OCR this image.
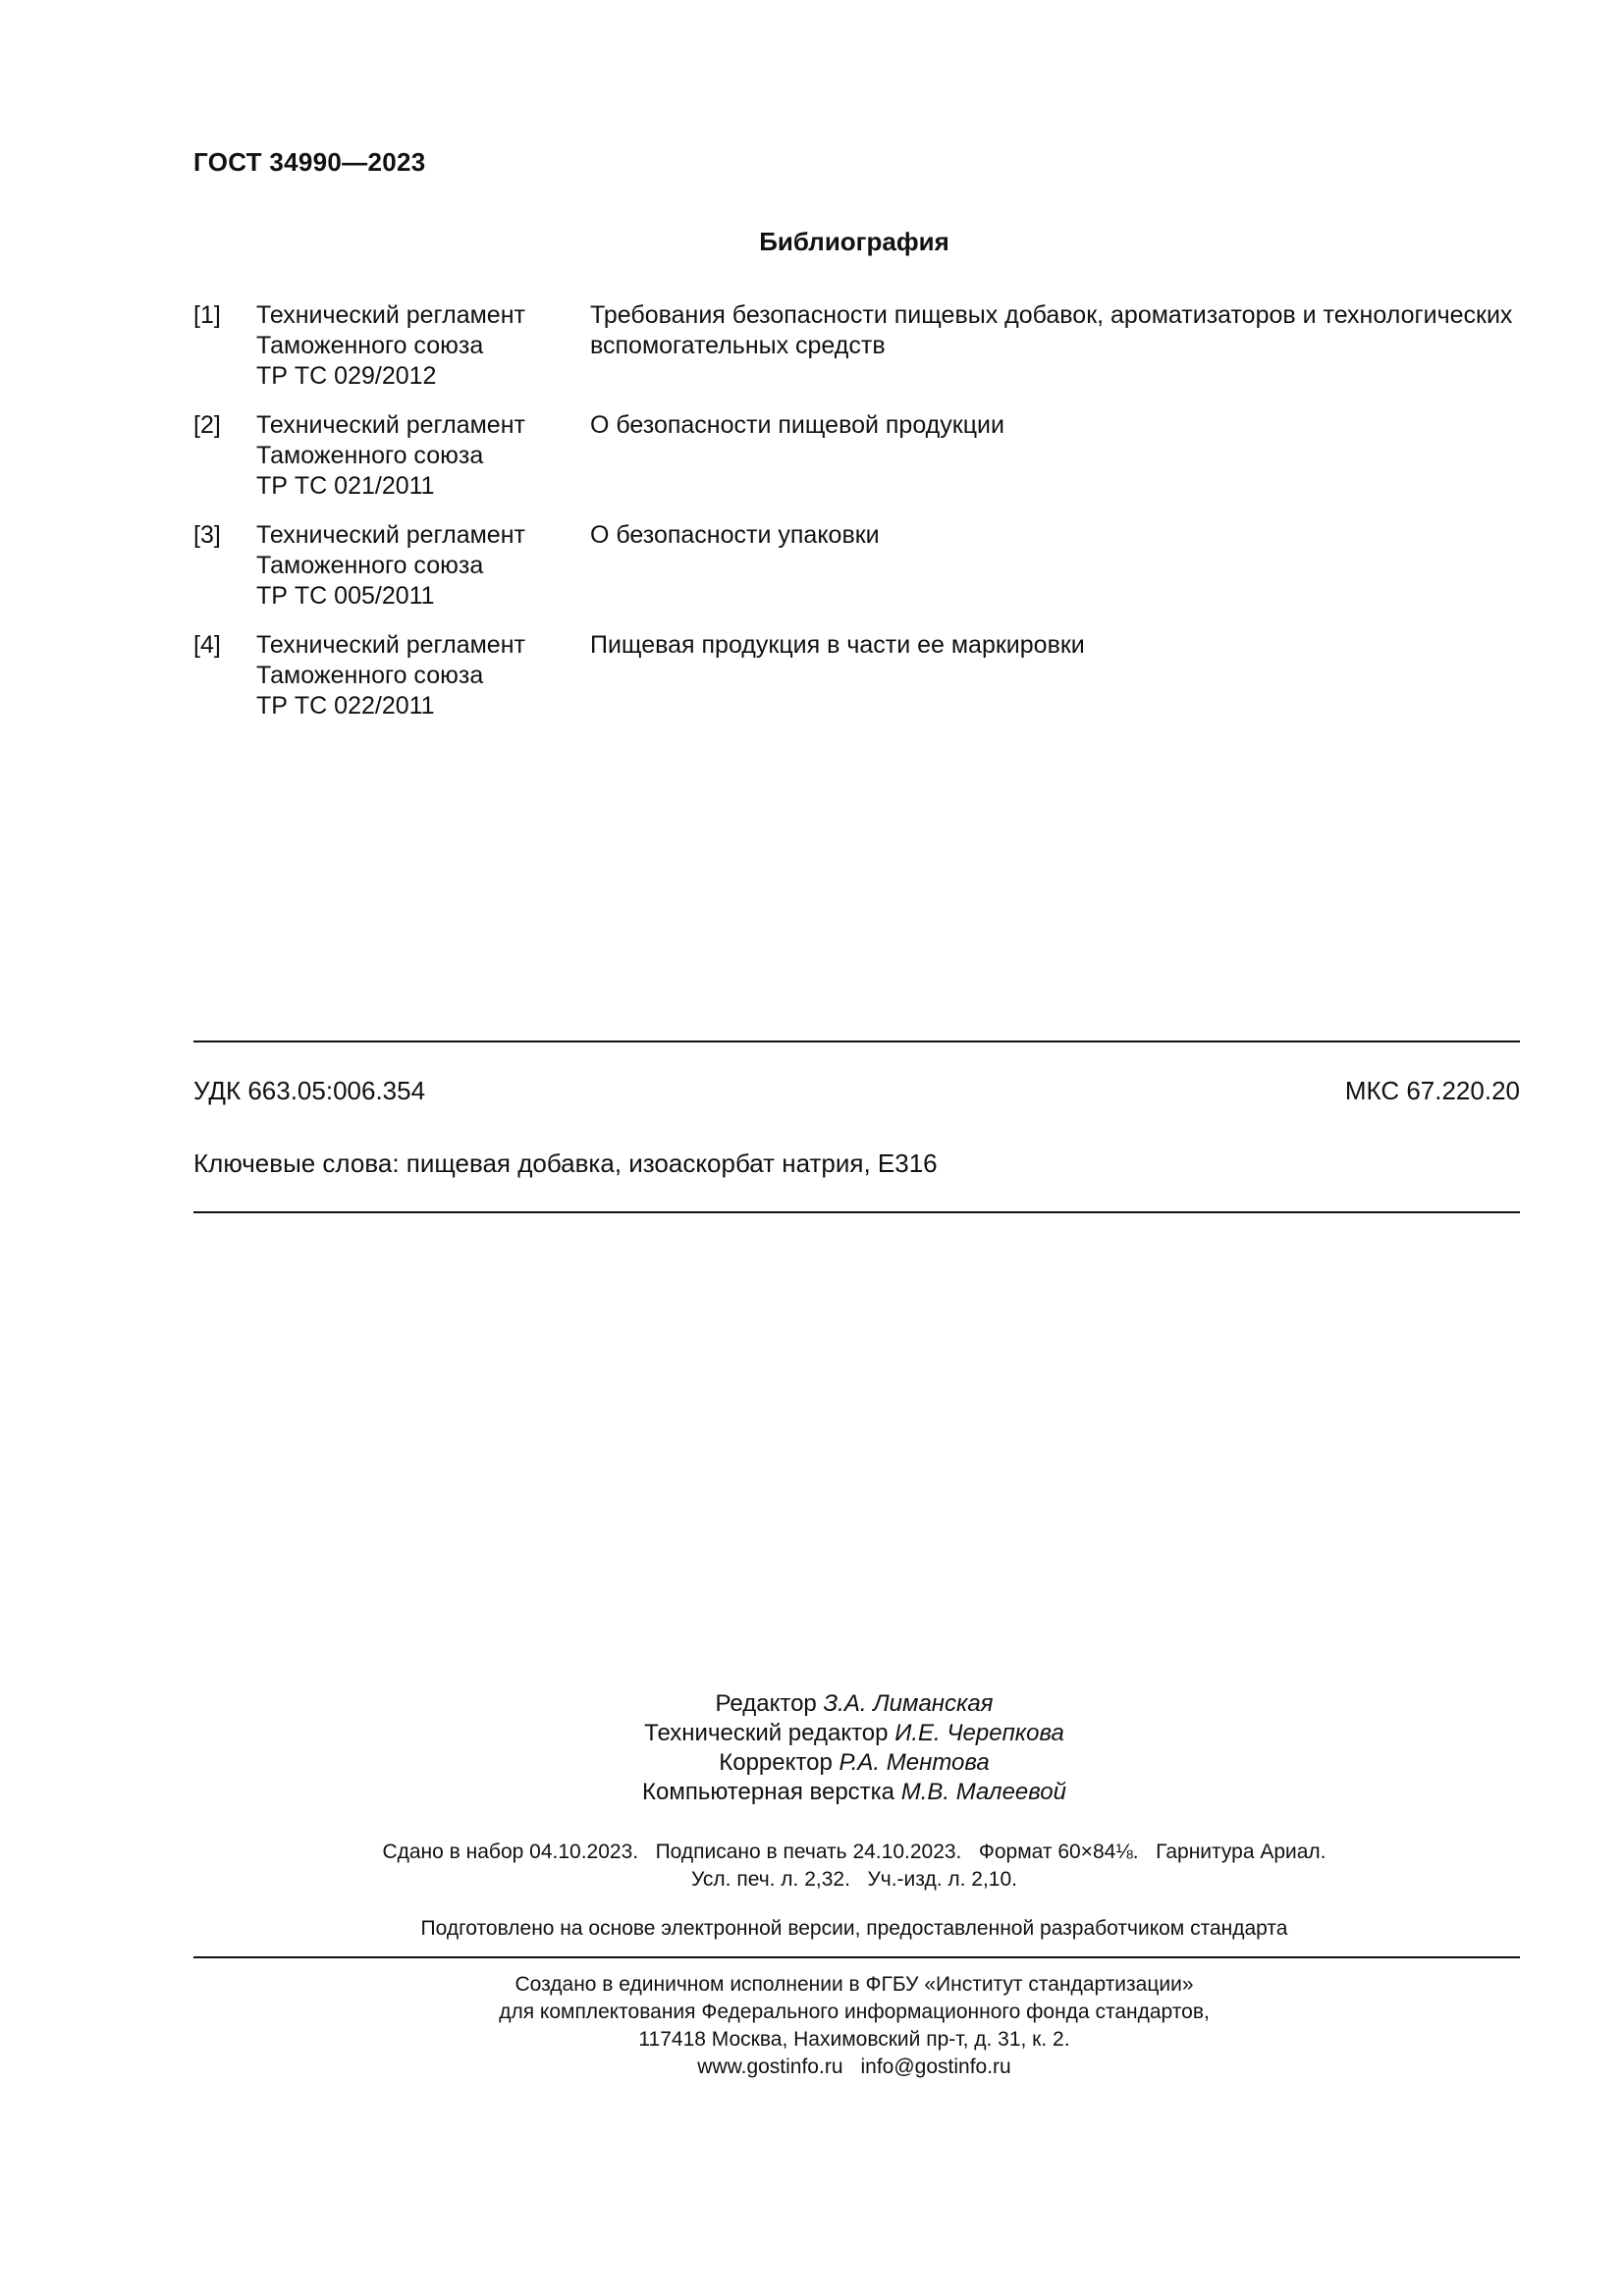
ГОСТ 34990—2023
Библиография
[1]	Технический регламент
Таможенного союза
ТР ТС 029/2012
Требования безопасности пищевых добавок, ароматизаторов и технологических вспомогательных средств
[2]	Технический регламент
Таможенного союза
ТР ТС 021/2011
О безопасности пищевой продукции
[3]	Технический регламент
Таможенного союза
ТР ТС 005/2011
О безопасности упаковки
[4]	Технический регламент
Таможенного союза
ТР ТС 022/2011
Пищевая продукция в части ее маркировки
УДК 663.05:006.354	МКС 67.220.20
Ключевые слова: пищевая добавка, изоаскорбат натрия, Е316
Редактор З.А. Лиманская
Технический редактор И.Е. Черепкова
Корректор Р.А. Ментова
Компьютерная верстка М.В. Малеевой
Сдано в набор 04.10.2023.   Подписано в печать 24.10.2023.   Формат 60×84⅛.   Гарнитура Ариал.
Усл. печ. л. 2,32.   Уч.-изд. л. 2,10.
Подготовлено на основе электронной версии, предоставленной разработчиком стандарта
Создано в единичном исполнении в ФГБУ «Институт стандартизации»
для комплектования Федерального информационного фонда стандартов,
117418 Москва, Нахимовский пр-т, д. 31, к. 2.
www.gostinfo.ru info@gostinfo.ru
